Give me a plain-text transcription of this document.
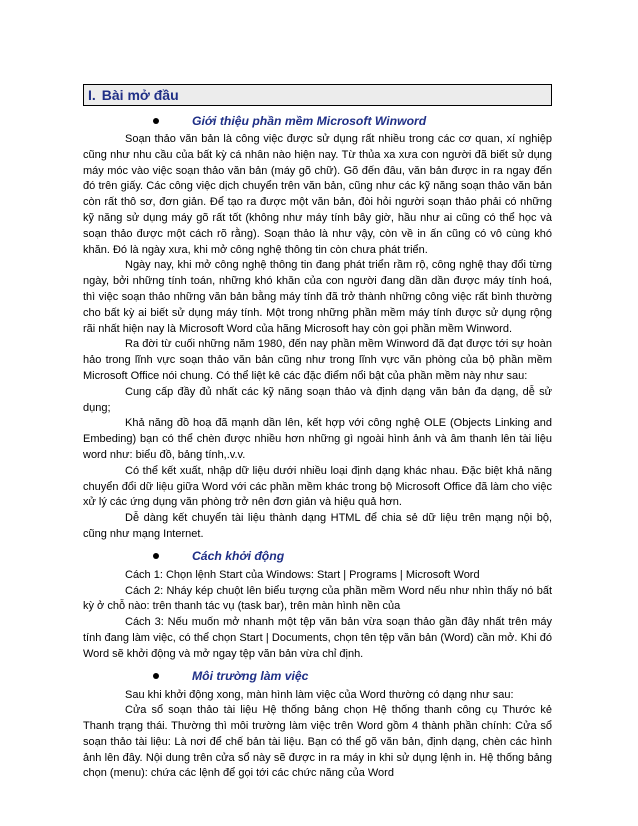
I. Bài mở đầu
Giới thiệu phần mềm Microsoft Winword

Soạn thảo văn bản là công việc được sử dụng rất nhiều trong các cơ quan, xí nghiệp cũng như nhu cầu của bất kỳ cá nhân nào hiện nay. Từ thủa xa xưa con người đã biết sử dụng máy móc vào việc soạn thảo văn bản (máy gõ chữ). Gõ đến đâu, văn bản được in ra ngay đến đó trên giấy. Các công việc dịch chuyển trên văn bản, cũng như các kỹ năng soạn thảo văn bản còn rất thô sơ, đơn giản. Để tạo ra được một văn bản, đòi hỏi người soạn thảo phải có những kỹ năng sử dụng máy gõ rất tốt (không như máy tính bây giờ, hầu như ai cũng có thể học và soạn thảo được một cách rõ rằng). Soạn thảo là như vậy, còn về in ấn cũng có vô cùng khó khăn. Đó là ngày xưa, khi mở công nghệ thông tin còn chưa phát triển.

Ngày nay, khi mở công nghệ thông tin đang phát triển rầm rộ, công nghệ thay đổi từng ngày, bởi những tính toán, những khó khăn của con người đang dần dần được máy tính hoá, thì việc soạn thảo những văn bản bằng máy tính đã trở thành những công việc rất bình thường cho bất kỳ ai biết sử dụng máy tính. Một trong những phần mềm máy tính được sử dụng rộng rãi nhất hiện nay là Microsoft Word của hãng Microsoft hay còn gọi phần mềm Winword.

Ra đời từ cuối những năm 1980, đến nay phần mềm Winword đã đạt được tới sự hoàn hảo trong lĩnh vực soạn thảo văn bản cũng như trong lĩnh vực văn phòng của bộ phần mềm Microsoft Office nói chung. Có thể liệt kê các đặc điểm nổi bật của phần mềm này như sau:

Cung cấp đầy đủ nhất các kỹ năng soạn thảo và định dạng văn bản đa dạng, dễ sử dụng;

Khả năng đồ hoạ đã mạnh dần lên, kết hợp với công nghệ OLE (Objects Linking and Embeding) bạn có thể chèn được nhiều hơn những gì ngoài hình ảnh và âm thanh lên tài liệu word như: biểu đồ, bảng tính,.v.v.

Có thể kết xuất, nhập dữ liệu dưới nhiều loại định dạng khác nhau. Đặc biệt khả năng chuyển đổi dữ liệu giữa Word với các phần mềm khác trong bộ Microsoft Office đã làm cho việc xử lý các ứng dụng văn phòng trở nên đơn giản và hiệu quả hơn.

Dễ dàng kết chuyển tài liệu thành dạng HTML để chia sẻ dữ liệu trên mạng nội bộ, cũng như mạng Internet.

Cách khởi động

Cách 1: Chọn lệnh Start của Windows: Start | Programs | Microsoft Word

Cách 2: Nháy kép chuột lên biểu tượng của phần mềm Word nếu như nhìn thấy nó bất kỳ ở chỗ nào: trên thanh tác vụ (task bar), trên màn hình nền của

Cách 3: Nếu muốn mở nhanh một tệp văn bản vừa soạn thảo gần đây nhất trên máy tính đang làm việc, có thể chọn Start | Documents, chọn tên tệp văn bản (Word) cần mở. Khi đó Word sẽ khởi động và mở ngay tệp văn bản vừa chỉ định.

Môi trường làm việc

Sau khi khởi động xong, màn hình làm việc của Word thường có dạng như sau:

Cửa sổ soạn thảo tài liệu Hệ thống bảng chọn Hệ thống thanh công cụ Thước kẻ Thanh trạng thái. Thường thì môi trường làm việc trên Word gồm 4 thành phần chính: Cửa sổ soạn thảo tài liệu: Là nơi để chế bản tài liệu. Bạn có thể gõ văn bản, định dạng, chèn các hình ảnh lên đây. Nội dung trên cửa sổ này sẽ được in ra máy in khi sử dụng lệnh in. Hệ thống bảng chọn (menu): chứa các lệnh để gọi tới các chức năng của Word
